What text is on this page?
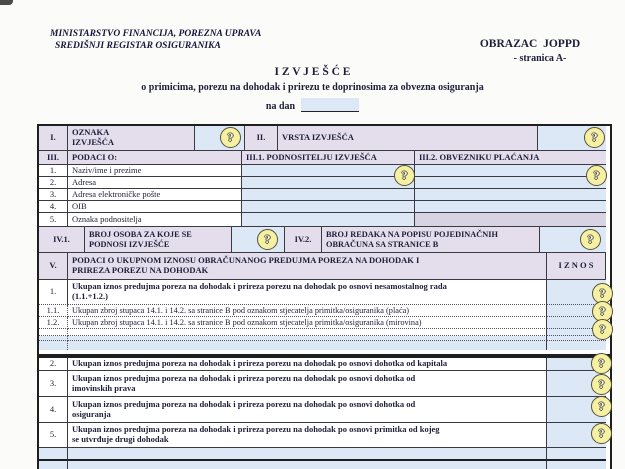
MINISTARSTVO FINANCIJA, POREZNA UPRAVA
SREDIŠNJI REGISTAR OSIGURANIKA	OBRAZAC  JOPPD
- stranica A-
I Z V J E Š Ć E
o primicima, porezu na dohodak i prirezu te doprinosima za obvezna osiguranja
na dan
I.	OZNAKA
IZVJEŠĆA	II.	VRSTA IZVJEŠĆA
III.	PODACI O:	III.1. PODNOSITELJU IZVJEŠĆA	III.2. OBVEZNIKU PLAĆANJA
1.	Naziv/ime i prezime
2.	Adresa
3.	Adresa elektroničke pošte
4.	OIB
5.	Oznaka podnositelja
IV.1.	BROJ OSOBA ZA KOJE SE
PODNOSI IZVJEŠĆE
IV.2.	BROJ REDAKA NA POPISU POJEDINAČNIH
OBRAČUNA SA STRANICE B
V.	PODACI O UKUPNOM IZNOSU OBRAČUNANOG PREDUJMA POREZA NA DOHODAK I
PRIREZA POREZU NA DOHODAK	I Z N O S
1.	Ukupan iznos predujma poreza na dohodak i prireza porezu na dohodak po osnovi nesamostalnog rada
(1.1.+1.2.)
1.1.	Ukupan zbroj stupaca 14.1. i 14.2. sa stranice B pod oznakom stjecatelja primitka/osiguranika (plaća)
1.2.	Ukupan zbroj stupaca 14.1. i 14.2. sa stranice B pod oznakom stjecatelja primitka/osiguranika (mirovina)
2.	Ukupan iznos predujma poreza na dohodak i prireza porezu na dohodak po osnovi dohotka od kapitala
3.	Ukupan iznos predujma poreza na dohodak i prireza porezu na dohodak po osnovi dohotka od
imovinskih prava
4.	Ukupan iznos predujma poreza na dohodak i prireza porezu na dohodak po osnovi dohotka od
osiguranja
5.	Ukupan iznos predujma poreza na dohodak i prireza porezu na dohodak po osnovi primitka od kojeg
se utvrđuje drugi dohodak
?	?
?	?
?	?
?
?
?
?
?
?
?
